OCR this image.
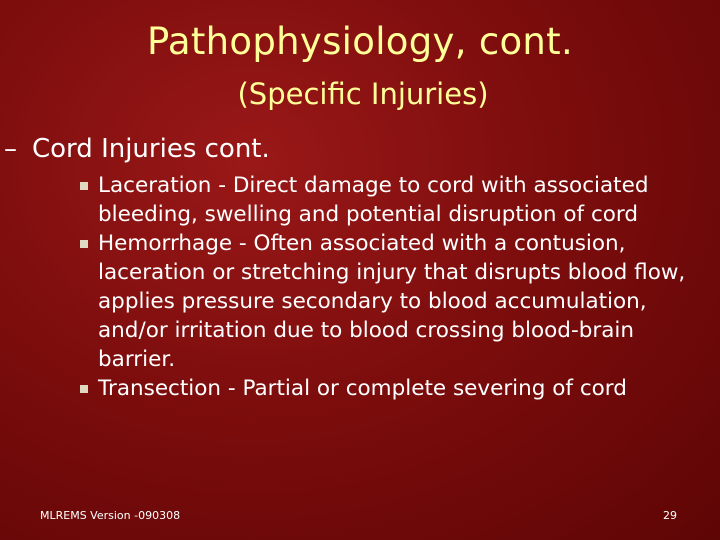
Pathophysiology, cont.
(Specific Injuries)
– Cord Injuries cont.
Laceration - Direct damage to cord with associated bleeding, swelling and potential disruption of cord
Hemorrhage - Often associated with a contusion, laceration or stretching injury that disrupts blood flow, applies pressure secondary to blood accumulation, and/or irritation due to blood crossing blood-brain barrier.
Transection - Partial or complete severing of cord
MLREMS Version -090308	29
